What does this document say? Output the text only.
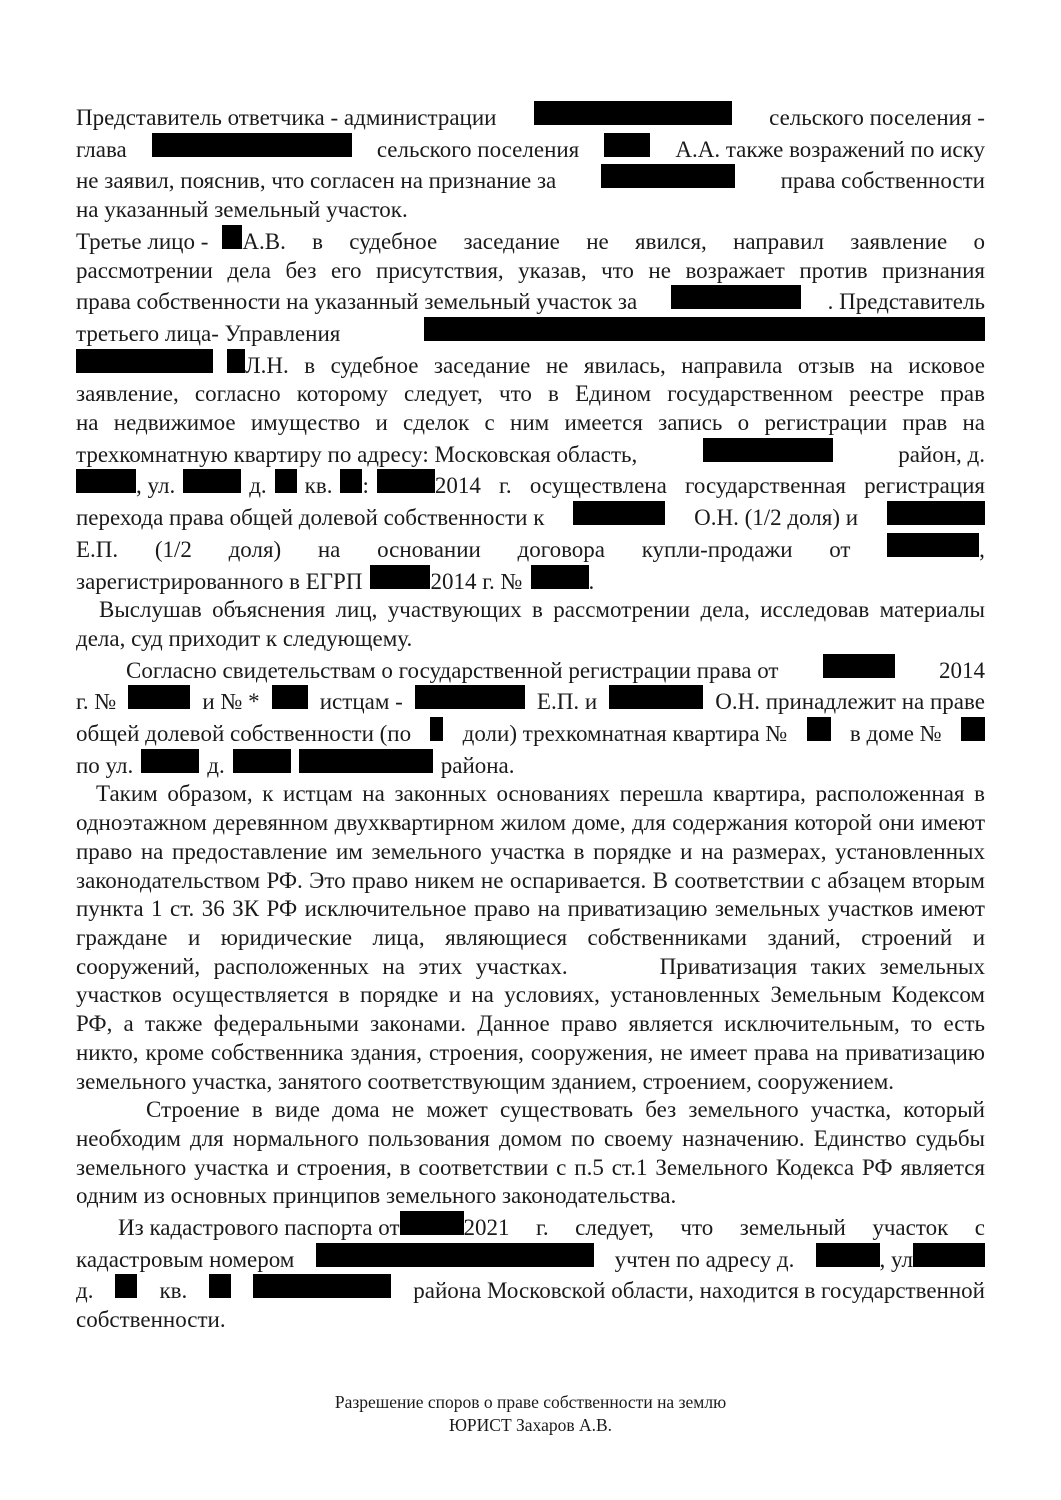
Представитель ответчика - администрации	сельского поселения -
глава	сельского поселения	А.А. также возражений по иску
не заявил, пояснив, что согласен на признание за	права собственности
на указанный земельный участок.
Третье лицо - А.В. в судебное заседание не явился, направил заявление о
рассмотрении дела без его присутствия, указав, что не возражает против признания
права собственности на указанный земельный участок за	. Представитель
третьего лица- Управления
Л.Н. в судебное заседание не явилась, направила отзыв на исковое
заявление, согласно которому следует, что в Едином государственном реестре прав
на недвижимое имущество и сделок с ним имеется запись о регистрации прав на
трехкомнатную квартиру по адресу: Московская область,	район, д.
, ул.	д. кв. :	2014 г. осуществлена государственная регистрация
перехода права общей долевой собственности к	О.Н. (1/2 доля) и
Е.П. (1/2 доля) на основании договора купли-продажи от	,
зарегистрированного в ЕГРП	2014 г. №	.

Выслушав объяснения лиц, участвующих в рассмотрении дела, исследовав материалы дела, суд приходит к следующему.

Согласно свидетельствам о государственной регистрации права от	2014
г. №	и № *	истцам -	Е.П. и	О.Н. принадлежит на праве
общей долевой собственности (по доли) трехкомнатная квартира №	в доме №
по ул.	д.	района.

Таким образом, к истцам на законных основаниях перешла квартира, расположенная в одноэтажном деревянном двухквартирном жилом доме, для содержания которой они имеют право на предоставление им земельного участка в порядке и на размерах, установленных законодательством РФ. Это право никем не оспаривается. В соответствии с абзацем вторым пункта 1 ст. 36 ЗК РФ исключительное право на приватизацию земельных участков имеют граждане и юридические лица, являющиеся собственниками зданий, строений и сооружений, расположенных на этих участках.	Приватизация таких земельных участков осуществляется в порядке и на условиях, установленных Земельным Кодексом РФ, а также федеральными законами. Данное право является исключительным, то есть никто, кроме собственника здания, строения, сооружения, не имеет права на приватизацию земельного участка, занятого соответствующим зданием, строением, сооружением.

Строение в виде дома не может существовать без земельного участка, который необходим для нормального пользования домом по своему назначению. Единство судьбы земельного участка и строения, в соответствии с п.5 ст.1 Земельного Кодекса РФ является одним из основных принципов земельного законодательства.

Из кадастрового паспорта от	2021 г. следует, что земельный участок с
кадастровым номером	учтен по адресу д.	, ул
д.	кв.	района Московской области, находится в государственной
собственности.
Разрешение споров о праве собственности на землю
ЮРИСТ Захаров А.В.
